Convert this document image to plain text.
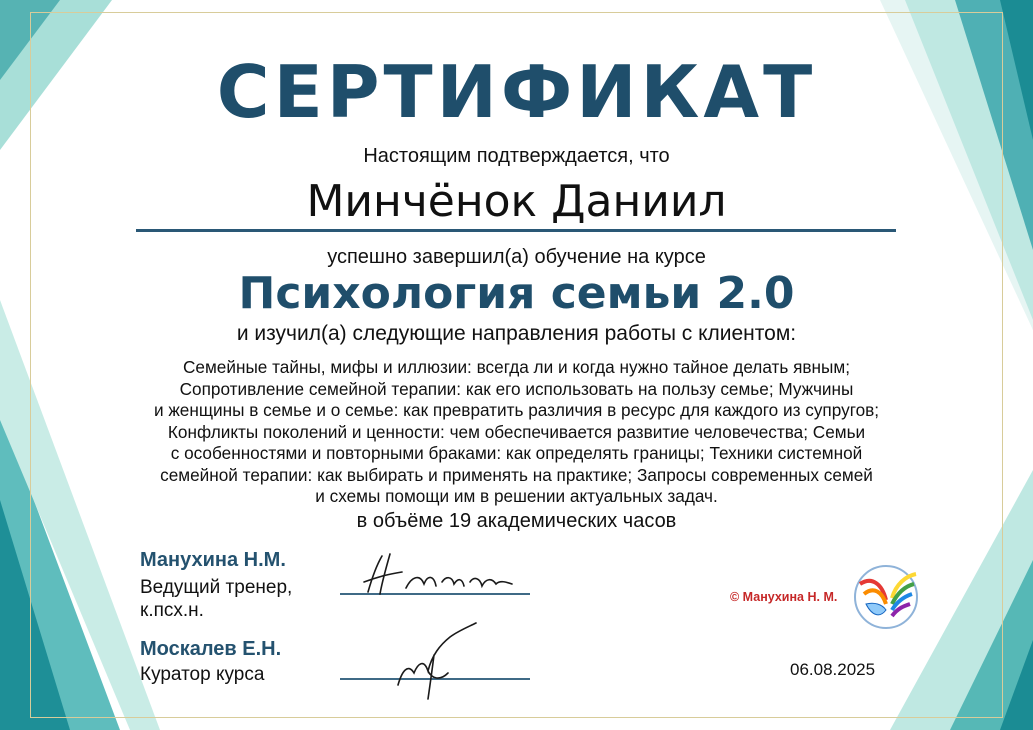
СЕРТИФИКАТ
Настоящим подтверждается, что
Минчёнок Даниил
успешно завершил(а) обучение на курсе
Психология семьи 2.0
и изучил(а) следующие направления работы с клиентом:
Семейные тайны, мифы и иллюзии: всегда ли и когда нужно тайное делать явным;
Сопротивление семейной терапии: как его использовать на пользу семье; Мужчины
и женщины в семье и о семье: как превратить различия в ресурс для каждого из супругов;
Конфликты поколений и ценности: чем обеспечивается развитие человечества; Семьи
с особенностями и повторными браками: как определять границы; Техники системной
семейной терапии: как выбирать и применять на практике; Запросы современных семей
и схемы помощи им в решении актуальных задач.
в объёме 19 академических часов
Манухина Н.М.
Ведущий тренер,
к.псх.н.
Москалев Е.Н.
Куратор курса
© Манухина Н. М.
06.08.2025
